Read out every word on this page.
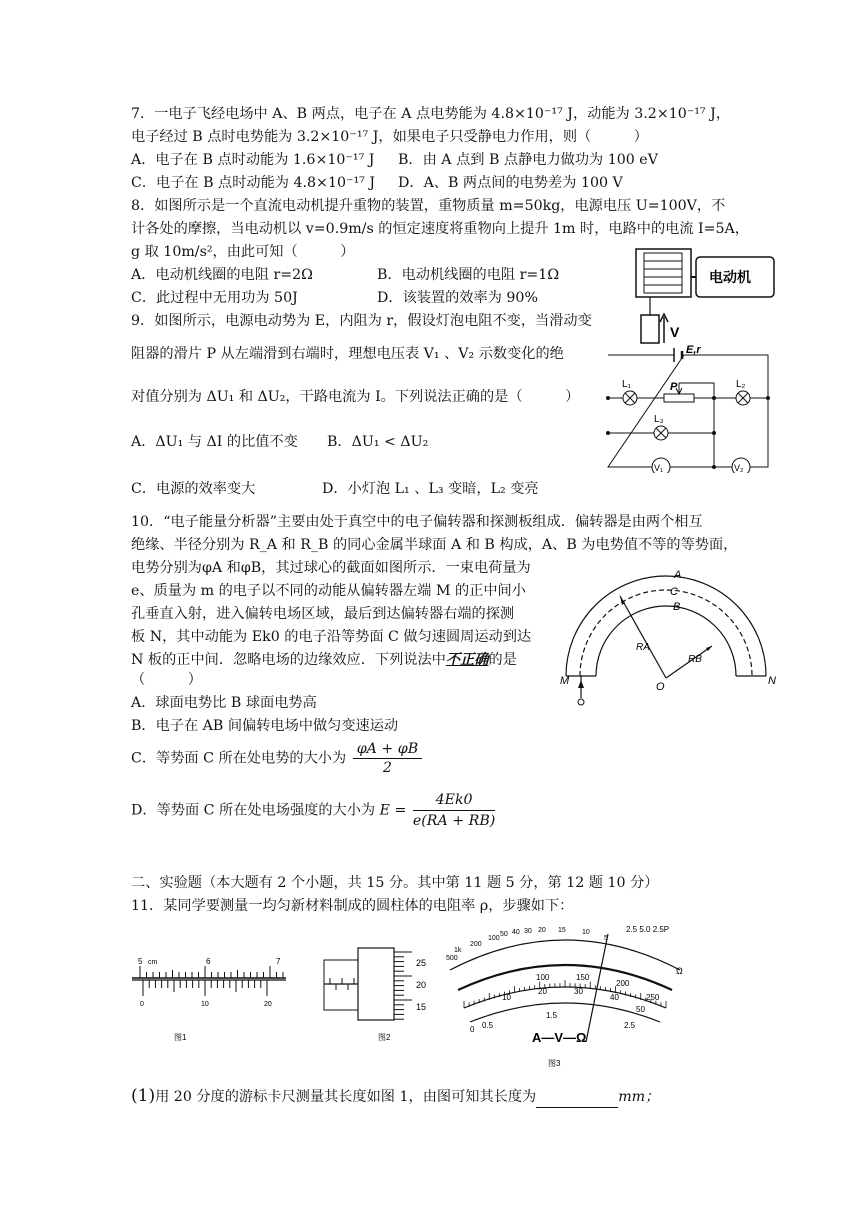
7．一电子飞经电场中 A、B 两点，电子在 A 点电势能为 4.8×10⁻¹⁷ J，动能为 3.2×10⁻¹⁷ J，
电子经过 B 点时电势能为 3.2×10⁻¹⁷ J，如果电子只受静电力作用，则（　　　）
A．电子在 B 点时动能为 1.6×10⁻¹⁷ J B．由 A 点到 B 点静电力做功为 100 eV
C．电子在 B 点时动能为 4.8×10⁻¹⁷ J D．A、B 两点间的电势差为 100 V
8．如图所示是一个直流电动机提升重物的装置，重物质量 m=50kg，电源电压 U=100V，不
计各处的摩擦，当电动机以 v=0.9m/s 的恒定速度将重物向上提升 1m 时，电路中的电流 I=5A，
g 取 10m/s²，由此可知（　　　）
A．电动机线圈的电阻 r=2Ω	B．电动机线圈的电阻 r=1Ω
C．此过程中无用功为 50J	D．该装置的效率为 90%
电动机
V
9．如图所示，电源电动势为 E，内阻为 r，假设灯泡电阻不变，当滑动变
阻器的滑片 P 从左端滑到右端时，理想电压表 V₁ 、V₂ 示数变化的绝
对值分别为 ΔU₁ 和 ΔU₂，干路电流为 I。下列说法正确的是（　　　）
A．ΔU₁ 与 ΔI 的比值不变 B．ΔU₁ < ΔU₂
C．电源的效率变大	D．小灯泡 L₁ 、L₃ 变暗，L₂ 变亮
E,r
L₁	L₂
L₃
P
V₁	V₂
10．“电子能量分析器”主要由处于真空中的电子偏转器和探测板组成．偏转器是由两个相互
绝缘、半径分别为 R_A 和 R_B 的同心金属半球面 A 和 B 构成，A、B 为电势值不等的等势面，
电势分别为φA 和φB，其过球心的截面如图所示．一束电荷量为
e、质量为 m 的电子以不同的动能从偏转器左端 M 的正中间小
孔垂直入射，进入偏转电场区域，最后到达偏转器右端的探测
板 N，其中动能为 Ek0 的电子沿等势面 C 做匀速圆周运动到达
N 板的正中间．忽略电场的边缘效应．下列说法中不正确的是
（　　　）
A．球面电势比 B 球面电势高
B．电子在 AB 间偏转电场中做匀变速运动
C．等势面 C 所在处电势的大小为 $\frac{\varphi A + \varphi B}{2}$
D．等势面 C 所在处电场强度的大小为 $E = \frac{4Ek0}{e(RA + RB)}$
A
B
C
M	N
O
RA
RB
二、实验题（本大题有 2 个小题，共 15 分。其中第 11 题 5 分，第 12 题 10 分）
11．某同学要测量一均匀新材料制成的圆柱体的电阻率 ρ，步骤如下：
5 cm	6	7
0	10	20
图1
25
20
15
图2
2.5 5.0 2.5P
500
1k
200
100
50 40 30 20 15 10
5
Ω
100	150
200
250
10
20	30
40
50
0 0.5
1.5
2.5
A—V—Ω
图3
(1)用 20 分度的游标卡尺测量其长度如图 1，由图可知其长度为	mm；
